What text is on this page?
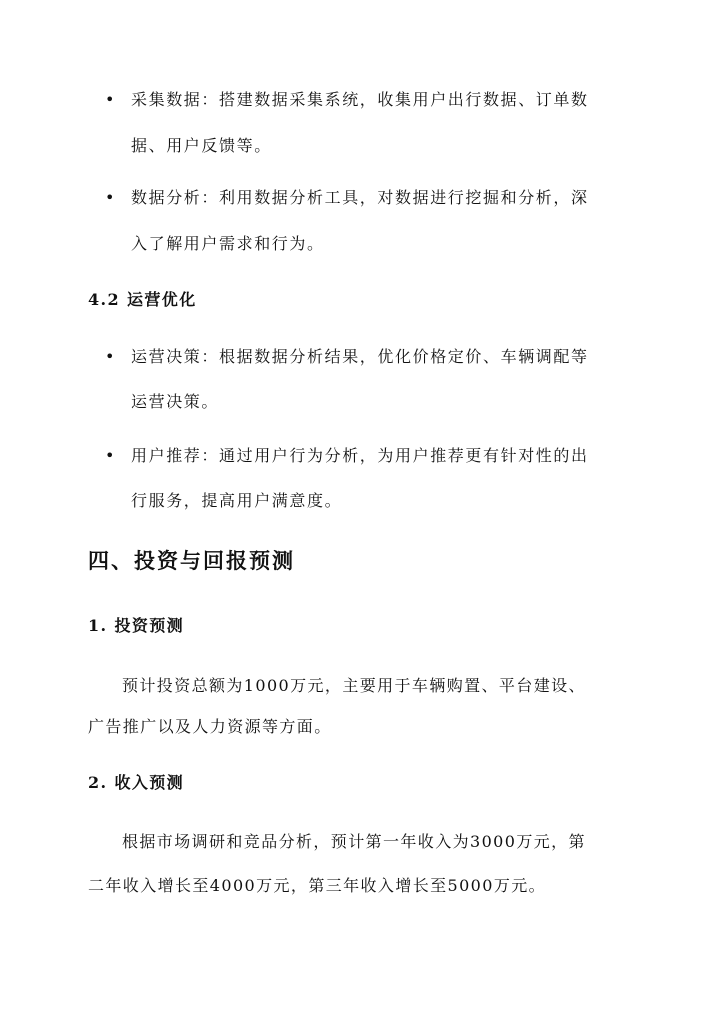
• 采集数据：搭建数据采集系统，收集用户出行数据、订单数
据、用户反馈等。
• 数据分析：利用数据分析工具，对数据进行挖掘和分析，深
入了解用户需求和行为。
4.2 运营优化
• 运营决策：根据数据分析结果，优化价格定价、车辆调配等
运营决策。
• 用户推荐：通过用户行为分析，为用户推荐更有针对性的出
行服务，提高用户满意度。
四、投资与回报预测
1. 投资预测
预计投资总额为1000万元，主要用于车辆购置、平台建设、
广告推广以及人力资源等方面。
2. 收入预测
根据市场调研和竞品分析，预计第一年收入为3000万元，第
二年收入增长至4000万元，第三年收入增长至5000万元。
